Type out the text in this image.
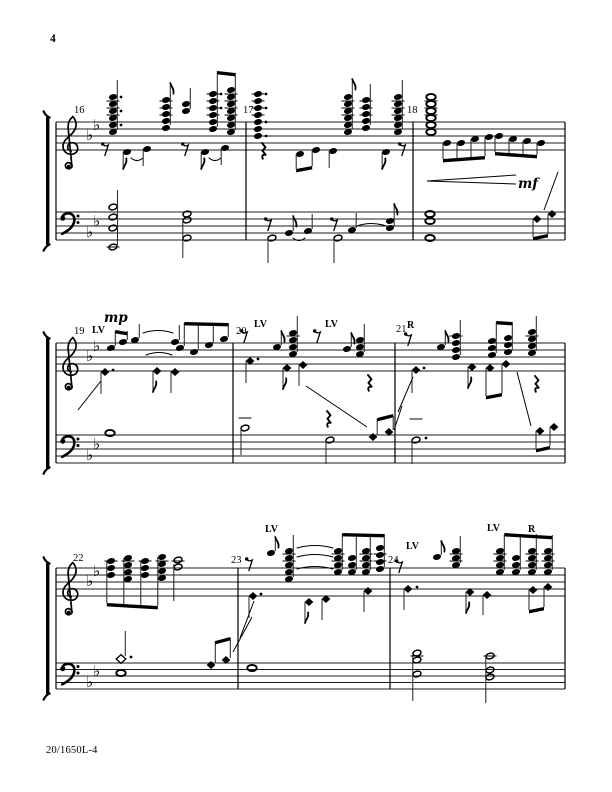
4
♭
♭
♭
♭
16	17	18
mf
♭
♭
♭
♭
19	20	21
mp
LV
LV	LV	R
♭
♭
♭
♭
22	23	24
LV
LV
LV	R
20/1650L-4
